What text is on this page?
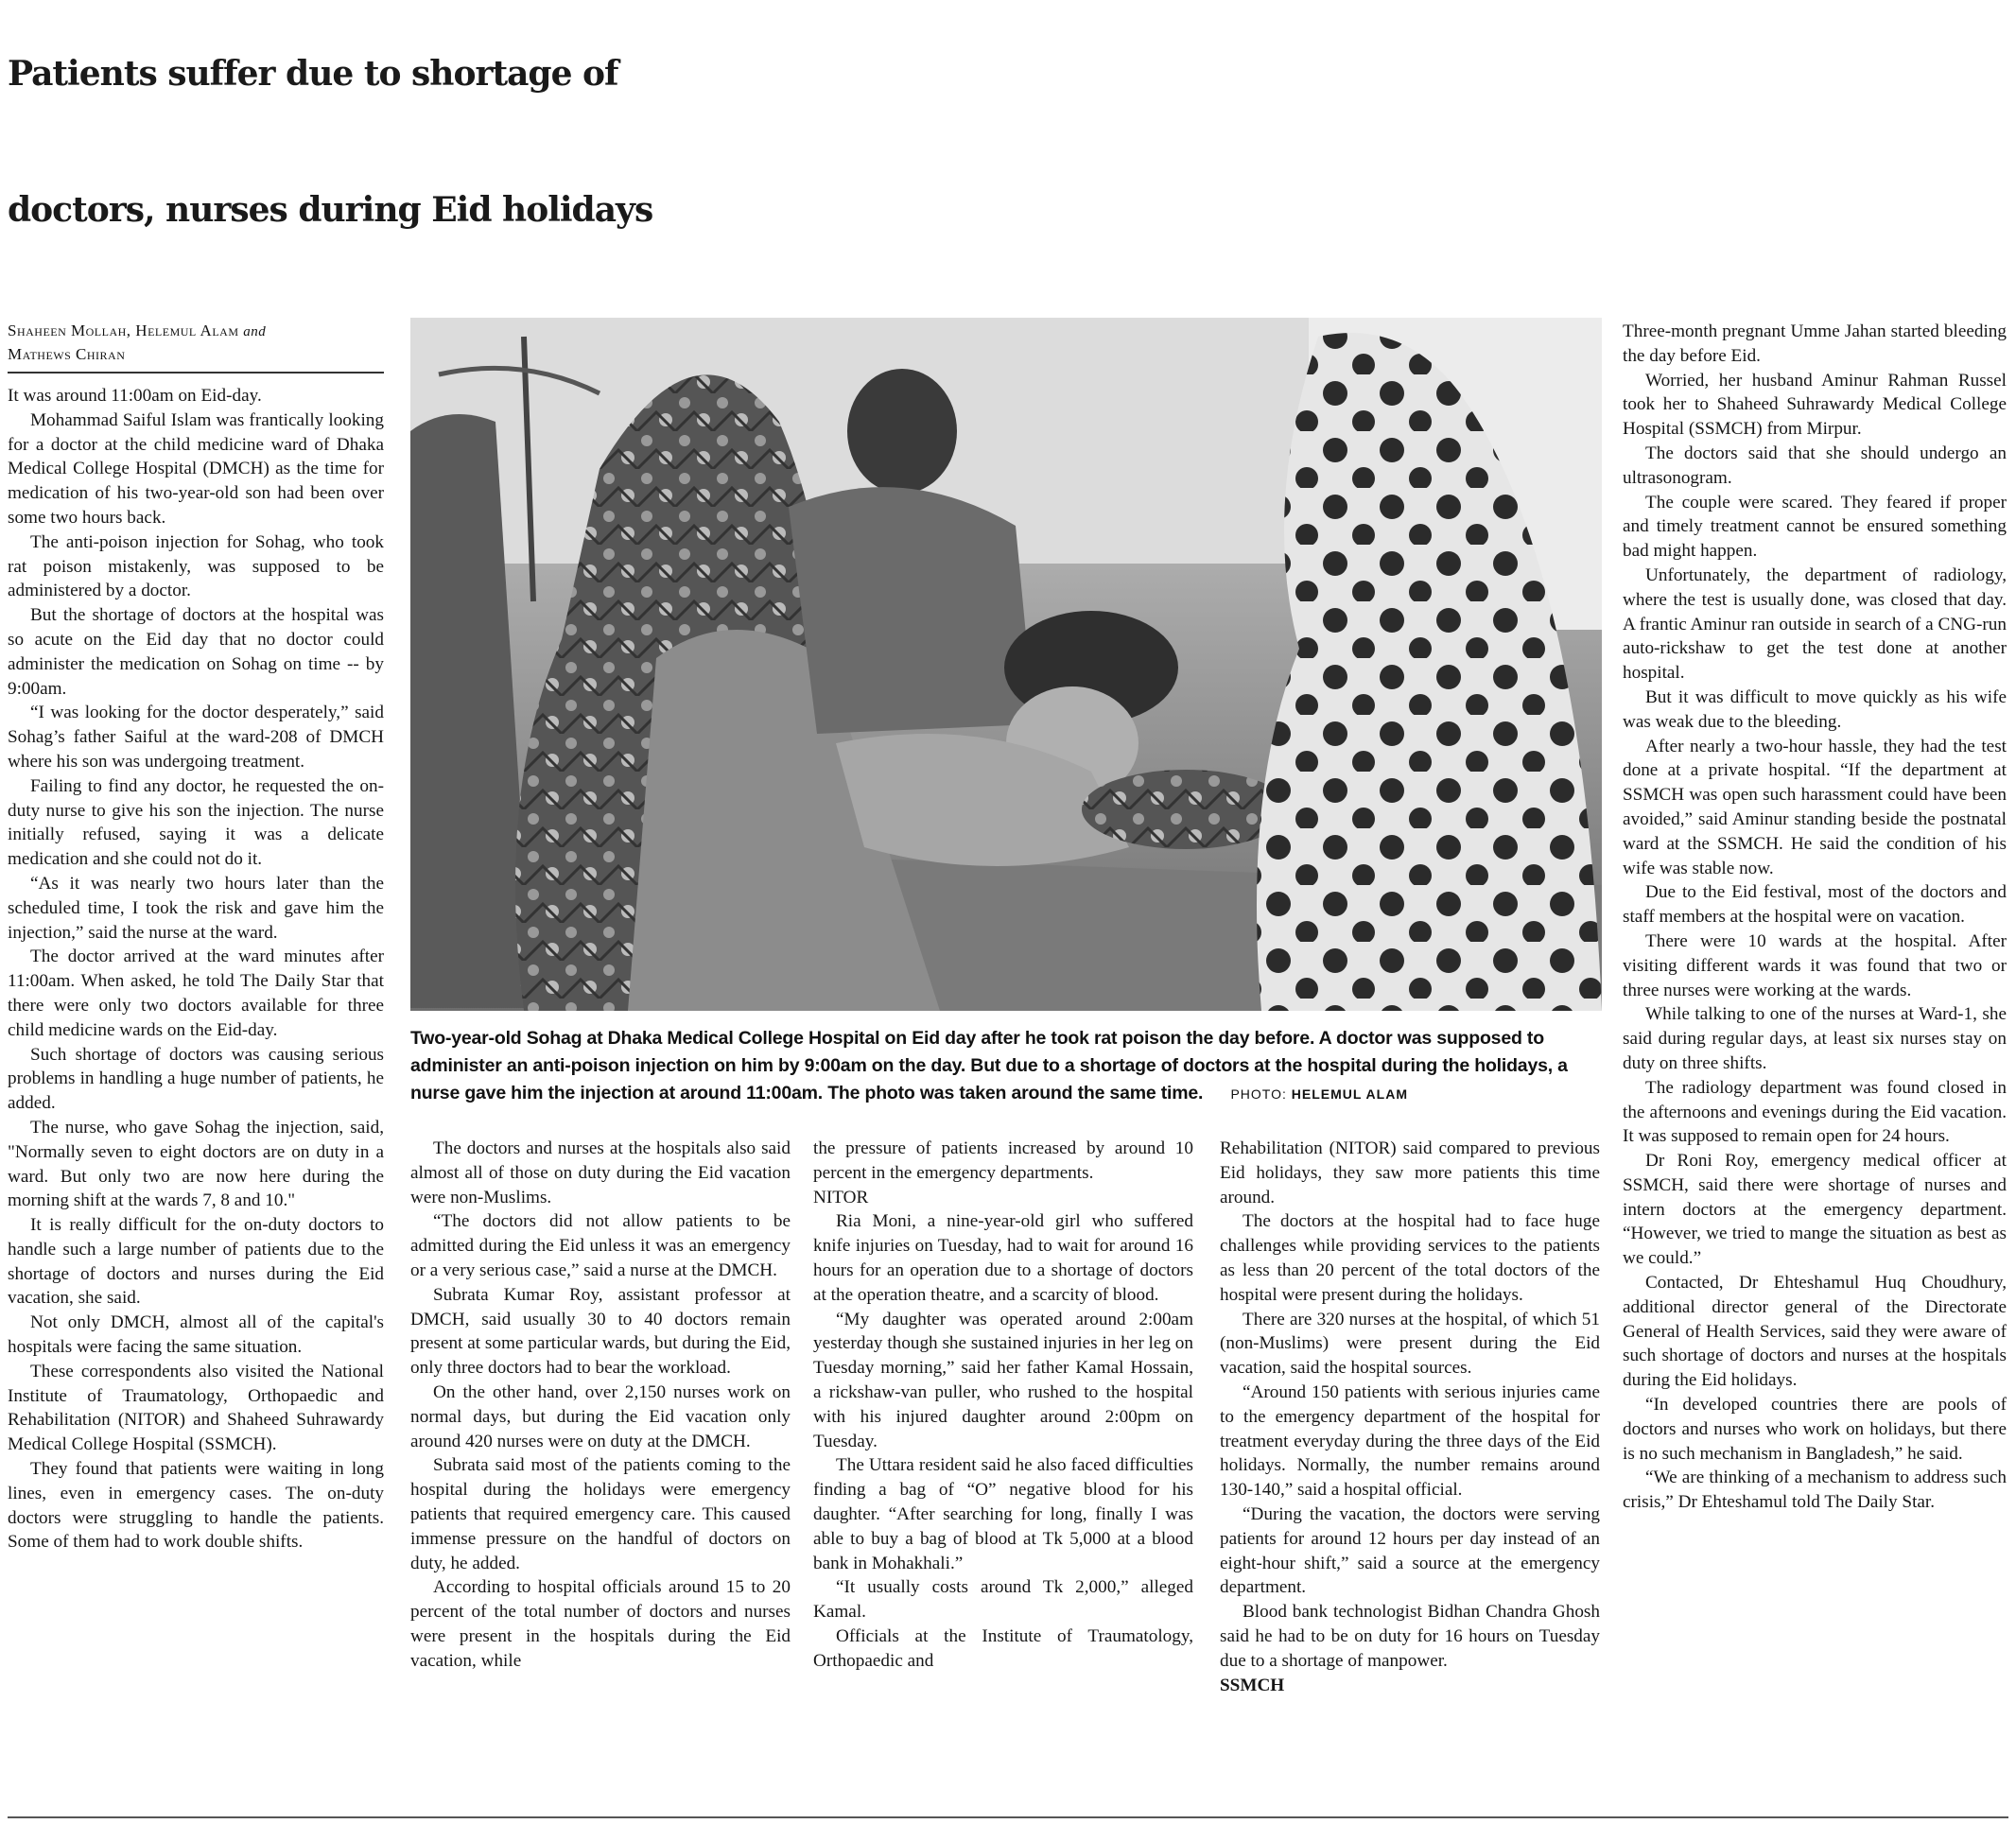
Patients suffer due to shortage of
doctors, nurses during Eid holidays
Shaheen Mollah, Helemul Alam and
Mathews Chiran

It was around 11:00am on Eid-day.

Mohammad Saiful Islam was frantically looking for a doctor at the child medicine ward of Dhaka Medical College Hospital (DMCH) as the time for medication of his two-year-old son had been over some two hours back.

The anti-poison injection for Sohag, who took rat poison mistakenly, was supposed to be administered by a doctor.

But the shortage of doctors at the hospital was so acute on the Eid day that no doctor could administer the medication on Sohag on time -- by 9:00am.

“I was looking for the doctor desperately,” said Sohag’s father Saiful at the ward-208 of DMCH where his son was undergoing treatment.

Failing to find any doctor, he requested the on-duty nurse to give his son the injection. The nurse initially refused, saying it was a delicate medication and she could not do it.

“As it was nearly two hours later than the scheduled time, I took the risk and gave him the injection,” said the nurse at the ward.

The doctor arrived at the ward minutes after 11:00am. When asked, he told The Daily Star that there were only two doctors available for three child medicine wards on the Eid-day.

Such shortage of doctors was causing serious problems in handling a huge number of patients, he added.

The nurse, who gave Sohag the injection, said, "Normally seven to eight doctors are on duty in a ward. But only two are now here during the morning shift at the wards 7, 8 and 10."

It is really difficult for the on-duty doctors to handle such a large number of patients due to the shortage of doctors and nurses during the Eid vacation, she said.

Not only DMCH, almost all of the capital's hospitals were facing the same situation.

These correspondents also visited the National Institute of Traumatology, Orthopaedic and Rehabilitation (NITOR) and Shaheed Suhrawardy Medical College Hospital (SSMCH).

They found that patients were waiting in long lines, even in emergency cases. The on-duty doctors were struggling to handle the patients. Some of them had to work double shifts.

Two-year-old Sohag at Dhaka Medical College Hospital on Eid day after he took rat poison the day before. A doctor was supposed to administer an anti-poison injection on him by 9:00am on the day. But due to a shortage of doctors at the hospital during the holidays, a nurse gave him the injection at around 11:00am. The photo was taken around the same time. PHOTO: HELEMUL ALAM

The doctors and nurses at the hospitals also said almost all of those on duty during the Eid vacation were non-Muslims.

“The doctors did not allow patients to be admitted during the Eid unless it was an emergency or a very serious case,” said a nurse at the DMCH.

Subrata Kumar Roy, assistant professor at DMCH, said usually 30 to 40 doctors remain present at some particular wards, but during the Eid, only three doctors had to bear the workload.

On the other hand, over 2,150 nurses work on normal days, but during the Eid vacation only around 420 nurses were on duty at the DMCH.

Subrata said most of the patients coming to the hospital during the holidays were emergency patients that required emergency care. This caused immense pressure on the handful of doctors on duty, he added.

According to hospital officials around 15 to 20 percent of the total number of doctors and nurses were present in the hospitals during the Eid vacation, while

the pressure of patients increased by around 10 percent in the emergency departments.

NITOR

Ria Moni, a nine-year-old girl who suffered knife injuries on Tuesday, had to wait for around 16 hours for an operation due to a shortage of doctors at the operation theatre, and a scarcity of blood.

“My daughter was operated around 2:00am yesterday though she sustained injuries in her leg on Tuesday morning,” said her father Kamal Hossain, a rickshaw-van puller, who rushed to the hospital with his injured daughter around 2:00pm on Tuesday.

The Uttara resident said he also faced difficulties finding a bag of “O” negative blood for his daughter. “After searching for long, finally I was able to buy a bag of blood at Tk 5,000 at a blood bank in Mohakhali.”

“It usually costs around Tk 2,000,” alleged Kamal.

Officials at the Institute of Traumatology, Orthopaedic and

Rehabilitation (NITOR) said compared to previous Eid holidays, they saw more patients this time around.

The doctors at the hospital had to face huge challenges while providing services to the patients as less than 20 percent of the total doctors of the hospital were present during the holidays.

There are 320 nurses at the hospital, of which 51 (non-Muslims) were present during the Eid vacation, said the hospital sources.

“Around 150 patients with serious injuries came to the emergency department of the hospital for treatment everyday during the three days of the Eid holidays. Normally, the number remains around 130-140,” said a hospital official.

“During the vacation, the doctors were serving patients for around 12 hours per day instead of an eight-hour shift,” said a source at the emergency department.

Blood bank technologist Bidhan Chandra Ghosh said he had to be on duty for 16 hours on Tuesday due to a shortage of manpower.

SSMCH

Three-month pregnant Umme Jahan started bleeding the day before Eid.

Worried, her husband Aminur Rahman Russel took her to Shaheed Suhrawardy Medical College Hospital (SSMCH) from Mirpur.

The doctors said that she should undergo an ultrasonogram.

The couple were scared. They feared if proper and timely treatment cannot be ensured something bad might happen.

Unfortunately, the department of radiology, where the test is usually done, was closed that day. A frantic Aminur ran outside in search of a CNG-run auto-rickshaw to get the test done at another hospital.

But it was difficult to move quickly as his wife was weak due to the bleeding.

After nearly a two-hour hassle, they had the test done at a private hospital. “If the department at SSMCH was open such harassment could have been avoided,” said Aminur standing beside the postnatal ward at the SSMCH. He said the condition of his wife was stable now.

Due to the Eid festival, most of the doctors and staff members at the hospital were on vacation.

There were 10 wards at the hospital. After visiting different wards it was found that two or three nurses were working at the wards.

While talking to one of the nurses at Ward-1, she said during regular days, at least six nurses stay on duty on three shifts.

The radiology department was found closed in the afternoons and evenings during the Eid vacation. It was supposed to remain open for 24 hours.

Dr Roni Roy, emergency medical officer at SSMCH, said there were shortage of nurses and intern doctors at the emergency department. “However, we tried to mange the situation as best as we could.”

Contacted, Dr Ehteshamul Huq Choudhury, additional director general of the Directorate General of Health Services, said they were aware of such shortage of doctors and nurses at the hospitals during the Eid holidays.

“In developed countries there are pools of doctors and nurses who work on holidays, but there is no such mechanism in Bangladesh,” he said.

“We are thinking of a mechanism to address such crisis,” Dr Ehteshamul told The Daily Star.
